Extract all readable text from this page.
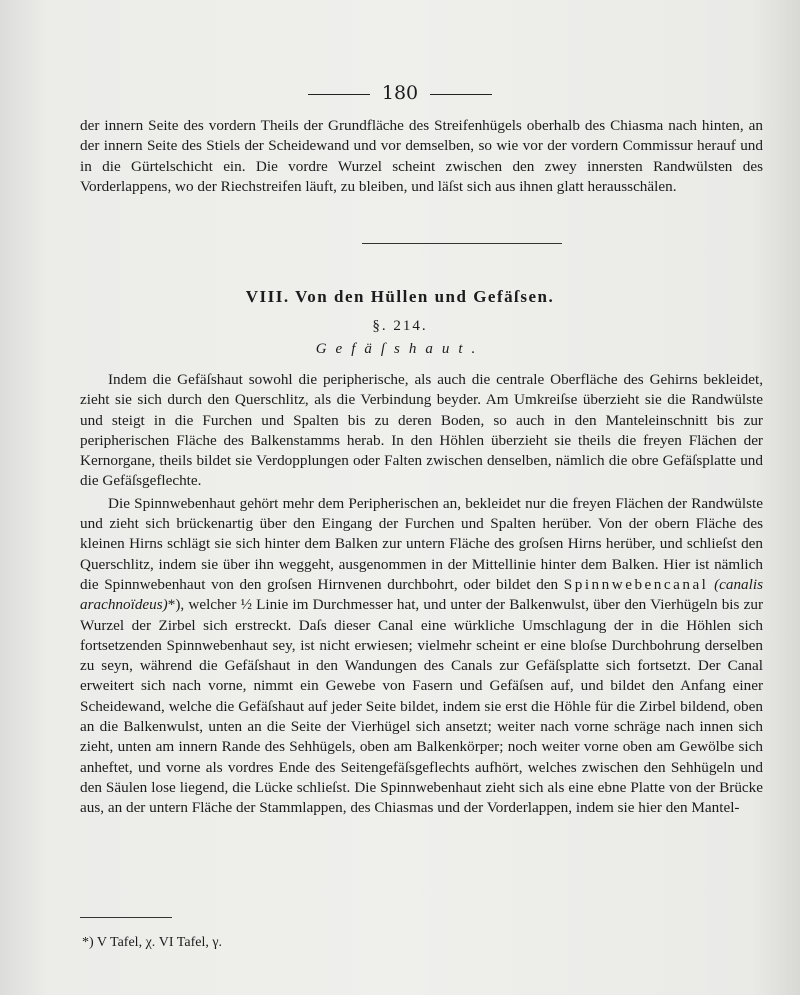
180

der innern Seite des vordern Theils der Grundfläche des Streifenhügels oberhalb des Chiasma nach hinten, an der innern Seite des Stiels der Scheidewand und vor demselben, so wie vor der vordern Commissur herauf und in die Gürtelschicht ein. Die vordre Wurzel scheint zwischen den zwey innersten Randwülsten des Vorderlappens, wo der Riechstreifen läuft, zu bleiben, und läſst sich aus ihnen glatt herausschälen.

VIII. Von den Hüllen und Gefäſsen.
§. 214.
Gefäſshaut.

Indem die Gefäſshaut sowohl die peripherische, als auch die centrale Oberfläche des Gehirns bekleidet, zieht sie sich durch den Querschlitz, als die Verbindung beyder. Am Umkreiſse überzieht sie die Randwülste und steigt in die Furchen und Spalten bis zu deren Boden, so auch in den Manteleinschnitt bis zur peripherischen Fläche des Balkenstamms herab. In den Höhlen überzieht sie theils die freyen Flächen der Kernorgane, theils bildet sie Verdopplungen oder Falten zwischen denselben, nämlich die obre Gefäſsplatte und die Gefäſsgeflechte.

Die Spinnwebenhaut gehört mehr dem Peripherischen an, bekleidet nur die freyen Flächen der Randwülste und zieht sich brückenartig über den Eingang der Furchen und Spalten herüber. Von der obern Fläche des kleinen Hirns schlägt sie sich hinter dem Balken zur untern Fläche des groſsen Hirns herüber, und schlieſst den Querschlitz, indem sie über ihn weggeht, ausgenommen in der Mittellinie hinter dem Balken. Hier ist nämlich die Spinnwebenhaut von den groſsen Hirnvenen durchbohrt, oder bildet den Spinnwebencanal (canalis arachnoïdeus)*), welcher ½ Linie im Durchmesser hat, und unter der Balkenwulst, über den Vierhügeln bis zur Wurzel der Zirbel sich erstreckt. Daſs dieser Canal eine würkliche Umschlagung der in die Höhlen sich fortsetzenden Spinnwebenhaut sey, ist nicht erwiesen; vielmehr scheint er eine bloſse Durchbohrung derselben zu seyn, während die Gefäſshaut in den Wandungen des Canals zur Gefäſsplatte sich fortsetzt. Der Canal erweitert sich nach vorne, nimmt ein Gewebe von Fasern und Gefäſsen auf, und bildet den Anfang einer Scheidewand, welche die Gefäſshaut auf jeder Seite bildet, indem sie erst die Höhle für die Zirbel bildend, oben an die Balkenwulst, unten an die Seite der Vierhügel sich ansetzt; weiter nach vorne schräge nach innen sich zieht, unten am innern Rande des Sehhügels, oben am Balkenkörper; noch weiter vorne oben am Gewölbe sich anheftet, und vorne als vordres Ende des Seitengefäſsgeflechts aufhört, welches zwischen den Sehhügeln und den Säulen lose liegend, die Lücke schlieſst. Die Spinnwebenhaut zieht sich als eine ebne Platte von der Brücke aus, an der untern Fläche der Stammlappen, des Chiasmas und der Vorderlappen, indem sie hier den Mantel-

*) V Tafel, χ. VI Tafel, γ.
